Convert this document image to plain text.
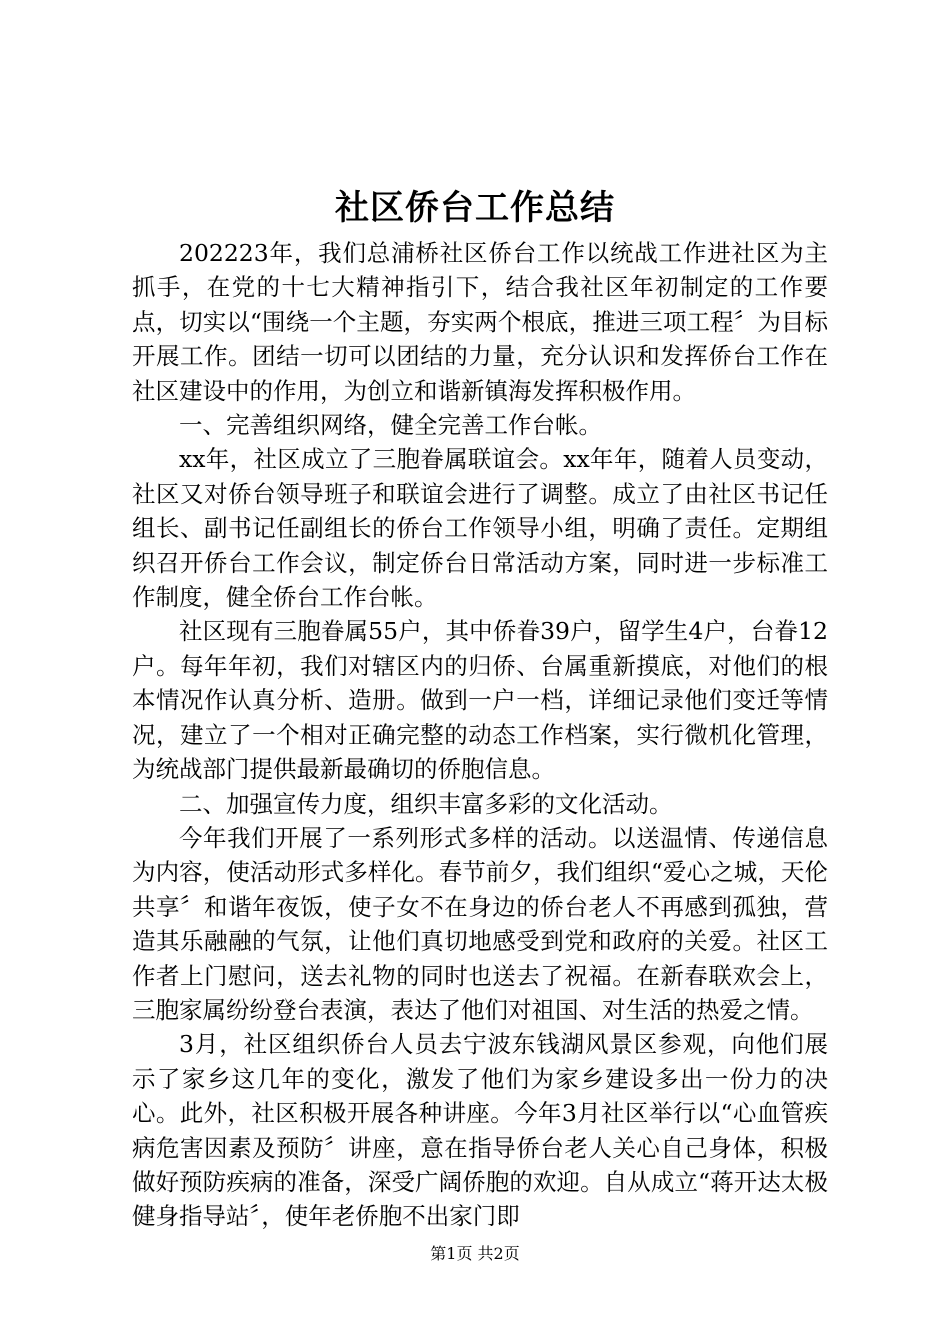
社区侨台工作总结

202223年，我们总浦桥社区侨台工作以统战工作进社区为主抓手，在党的十七大精神指引下，结合我社区年初制定的工作要点，切实以“围绕一个主题，夯实两个根底，推进三项工程〞为目标开展工作。团结一切可以团结的力量，充分认识和发挥侨台工作在社区建设中的作用，为创立和谐新镇海发挥积极作用。

一、完善组织网络，健全完善工作台帐。

xx年，社区成立了三胞眷属联谊会。xx年年，随着人员变动，社区又对侨台领导班子和联谊会进行了调整。成立了由社区书记任组长、副书记任副组长的侨台工作领导小组，明确了责任。定期组织召开侨台工作会议，制定侨台日常活动方案，同时进一步标准工作制度，健全侨台工作台帐。

社区现有三胞眷属55户，其中侨眷39户，留学生4户，台眷12户。每年年初，我们对辖区内的归侨、台属重新摸底，对他们的根本情况作认真分析、造册。做到一户一档，详细记录他们变迁等情况，建立了一个相对正确完整的动态工作档案，实行微机化管理，为统战部门提供最新最确切的侨胞信息。

二、加强宣传力度，组织丰富多彩的文化活动。

今年我们开展了一系列形式多样的活动。以送温情、传递信息为内容，使活动形式多样化。春节前夕，我们组织“爱心之城，天伦共享〞和谐年夜饭，使子女不在身边的侨台老人不再感到孤独，营造其乐融融的气氛，让他们真切地感受到党和政府的关爱。社区工作者上门慰问，送去礼物的同时也送去了祝福。在新春联欢会上，三胞家属纷纷登台表演，表达了他们对祖国、对生活的热爱之情。

3月，社区组织侨台人员去宁波东钱湖风景区参观，向他们展示了家乡这几年的变化，激发了他们为家乡建设多出一份力的决心。此外，社区积极开展各种讲座。今年3月社区举行以“心血管疾病危害因素及预防〞讲座，意在指导侨台老人关心自己身体，积极做好预防疾病的准备，深受广阔侨胞的欢迎。自从成立“蒋开达太极健身指导站〞，使年老侨胞不出家门即

第1页 共2页
